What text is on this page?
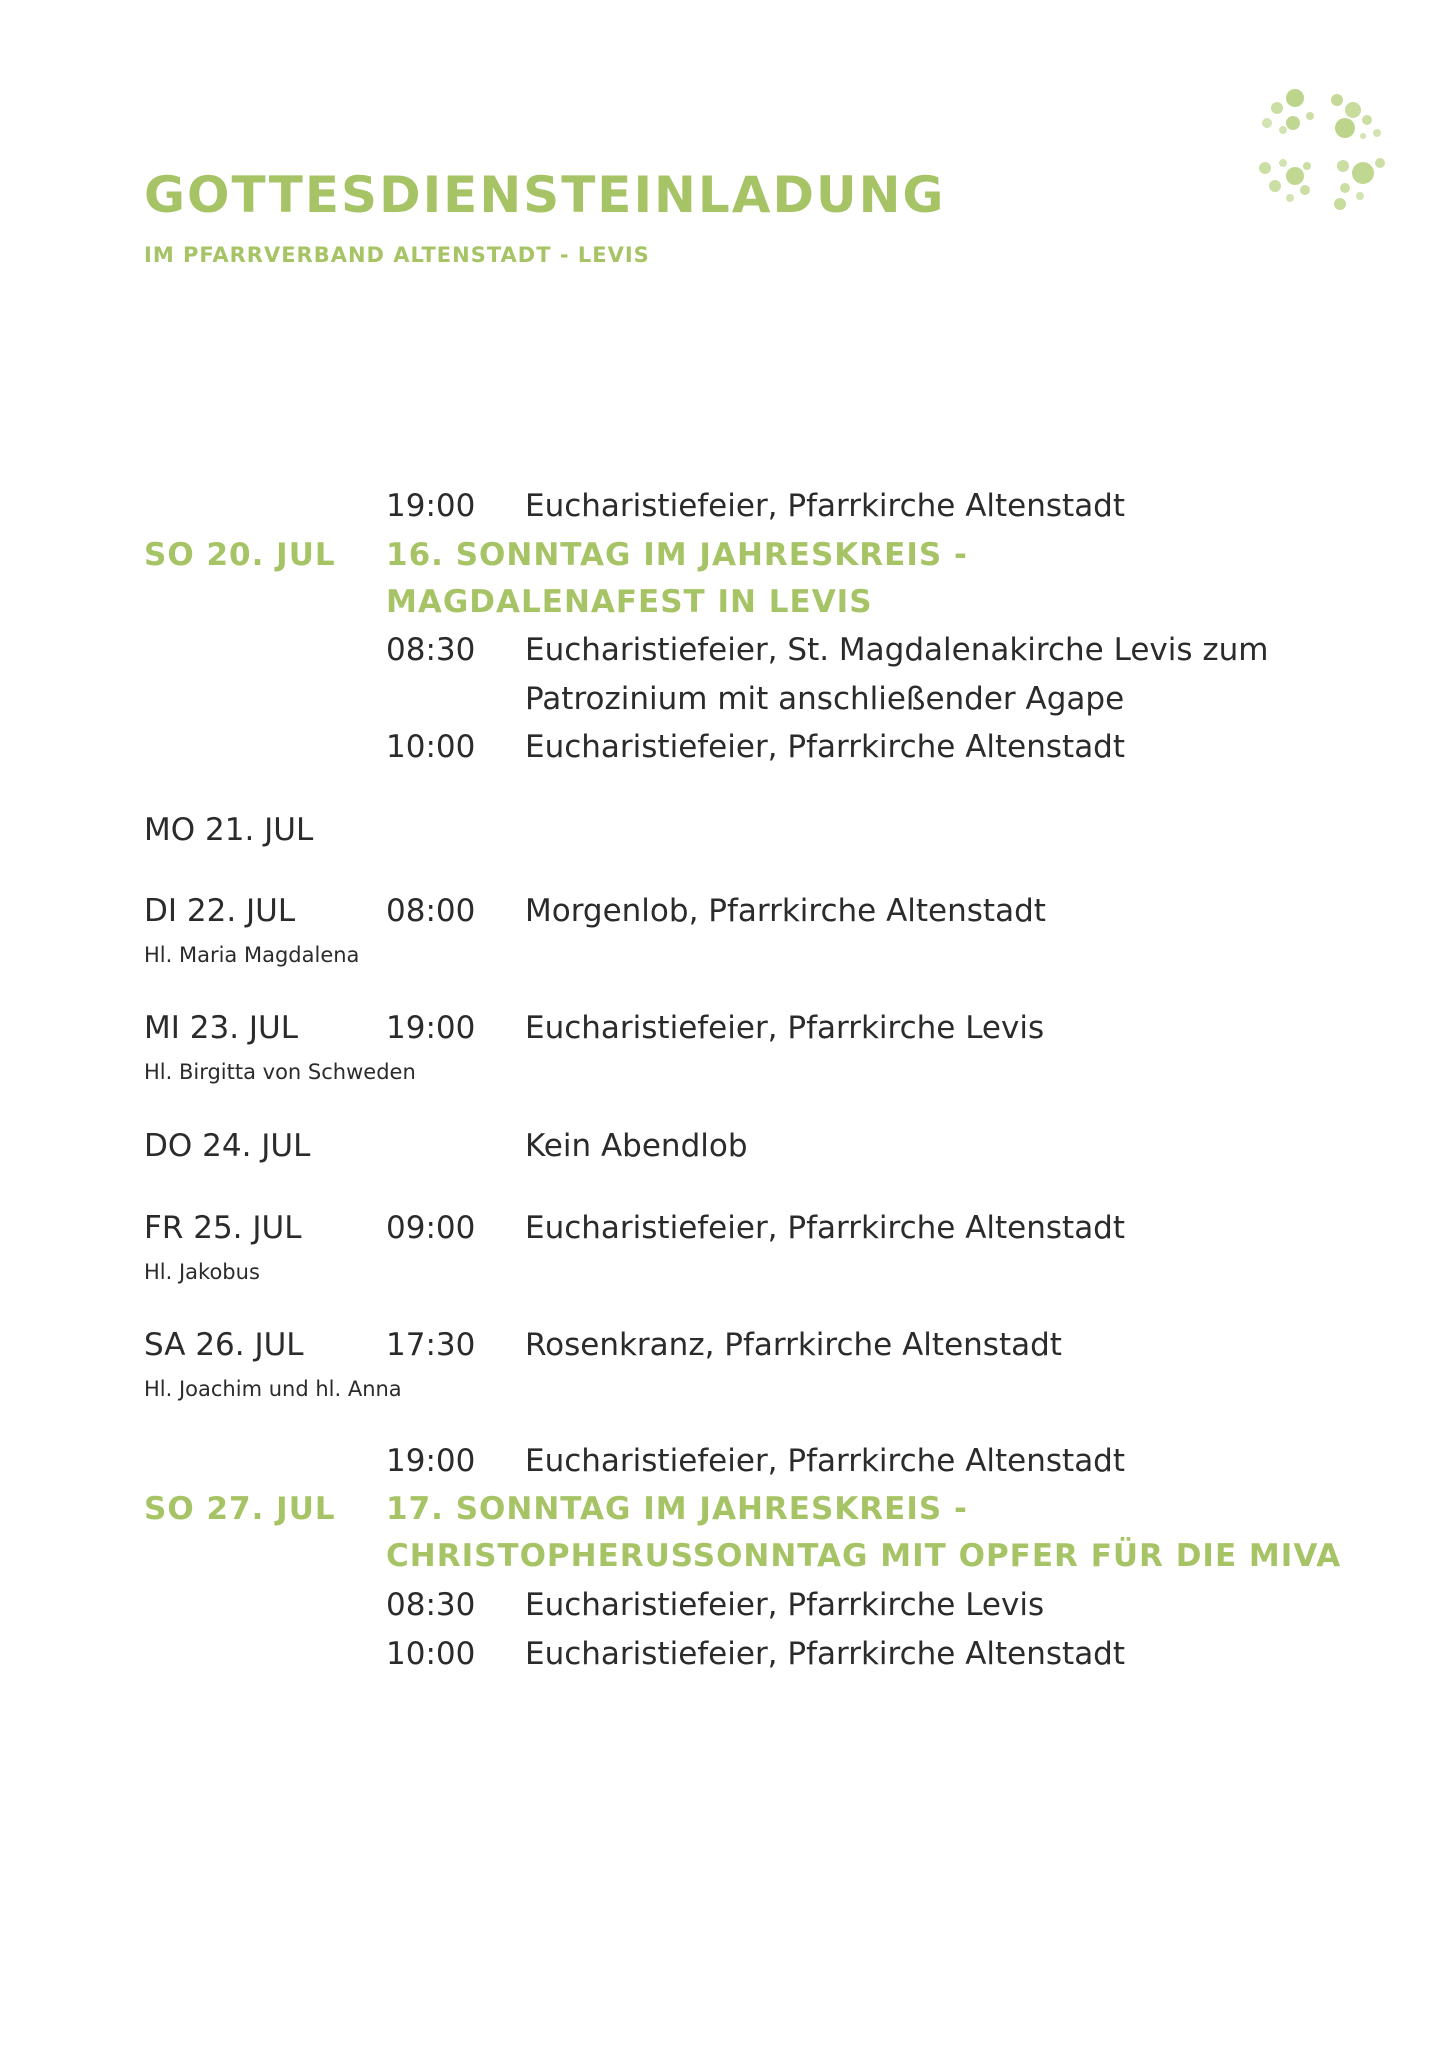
GOTTESDIENSTEINLADUNG
IM PFARRVERBAND ALTENSTADT - LEVIS
19:00 Eucharistiefeier, Pfarrkirche Altenstadt
SO 20. JUL 16. SONNTAG IM JAHRESKREIS -
MAGDALENAFEST IN LEVIS
08:30 Eucharistiefeier, St. Magdalenakirche Levis zum
Patrozinium mit anschließender Agape
10:00 Eucharistiefeier, Pfarrkirche Altenstadt
MO 21. JUL
DI 22. JUL
Hl. Maria Magdalena
08:00 Morgenlob, Pfarrkirche Altenstadt
MI 23. JUL
Hl. Birgitta von Schweden
19:00 Eucharistiefeier, Pfarrkirche Levis
DO 24. JUL	Kein Abendlob
FR 25. JUL
Hl. Jakobus
09:00 Eucharistiefeier, Pfarrkirche Altenstadt
SA 26. JUL
Hl. Joachim und hl. Anna
17:30 Rosenkranz, Pfarrkirche Altenstadt
19:00 Eucharistiefeier, Pfarrkirche Altenstadt
SO 27. JUL 17. SONNTAG IM JAHRESKREIS -
CHRISTOPHERUSSONNTAG MIT OPFER FÜR DIE MIVA
08:30 Eucharistiefeier, Pfarrkirche Levis
10:00 Eucharistiefeier, Pfarrkirche Altenstadt
